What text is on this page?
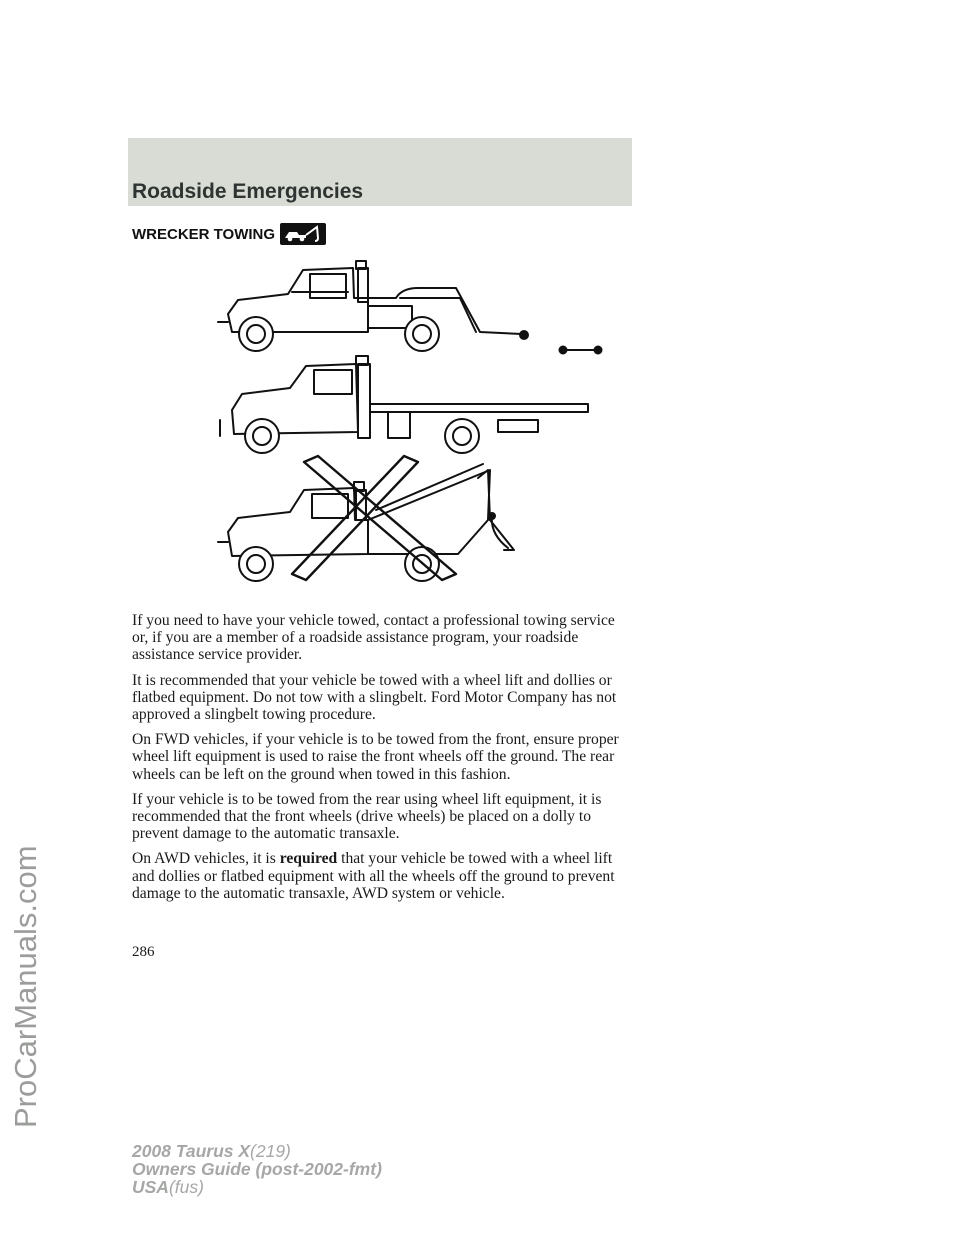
Roadside Emergencies
WRECKER TOWING

If you need to have your vehicle towed, contact a professional towing service or, if you are a member of a roadside assistance program, your roadside assistance service provider.

It is recommended that your vehicle be towed with a wheel lift and dollies or flatbed equipment. Do not tow with a slingbelt. Ford Motor Company has not approved a slingbelt towing procedure.

On FWD vehicles, if your vehicle is to be towed from the front, ensure proper wheel lift equipment is used to raise the front wheels off the ground. The rear wheels can be left on the ground when towed in this fashion.

If your vehicle is to be towed from the rear using wheel lift equipment, it is recommended that the front wheels (drive wheels) be placed on a dolly to prevent damage to the automatic transaxle.

On AWD vehicles, it is required that your vehicle be towed with a wheel lift and dollies or flatbed equipment with all the wheels off the ground to prevent damage to the automatic transaxle, AWD system or vehicle.

286
2008 Taurus X(219)
Owners Guide (post-2002-fmt)
USA(fus)
ProCarManuals.com
